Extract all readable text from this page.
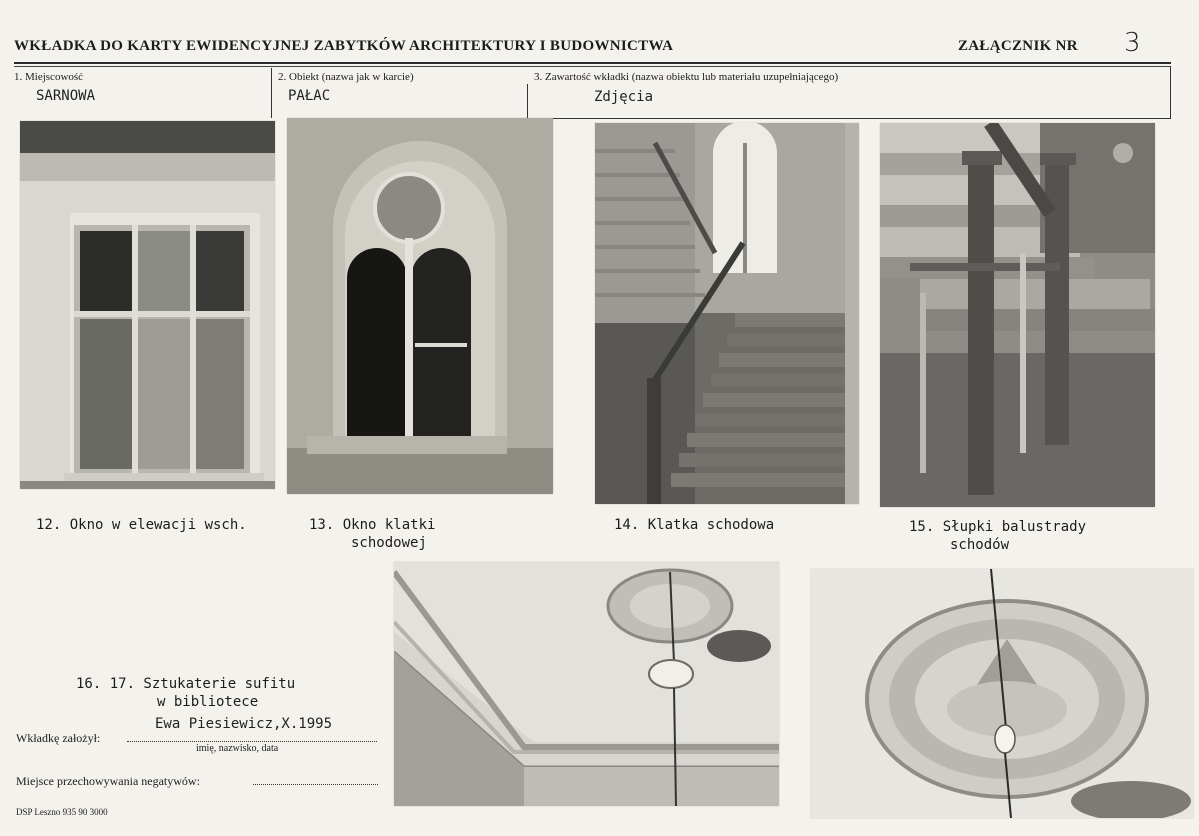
WKŁADKA DO KARTY EWIDENCYJNEJ ZABYTKÓW ARCHITEKTURY I BUDOWNICTWA	ZAŁĄCZNIK NR 3
1. Miejscowość
SARNOWA
2. Obiekt (nazwa jak w karcie)
PAŁAC
3. Zawartość wkładki (nazwa obiektu lub materiału uzupełniającego)
Zdjęcia
12. Okno w elewacji wsch.	13. Okno klatki
schodowej
14. Klatka schodowa	15. Słupki balustrady
schodów
16. 17. Sztukaterie sufitu
w bibliotece
Ewa Piesiewicz,X.1995
Wkładkę założył:
imię, nazwisko, data
Miejsce przechowywania negatywów:
DSP Leszno 935 90 3000
